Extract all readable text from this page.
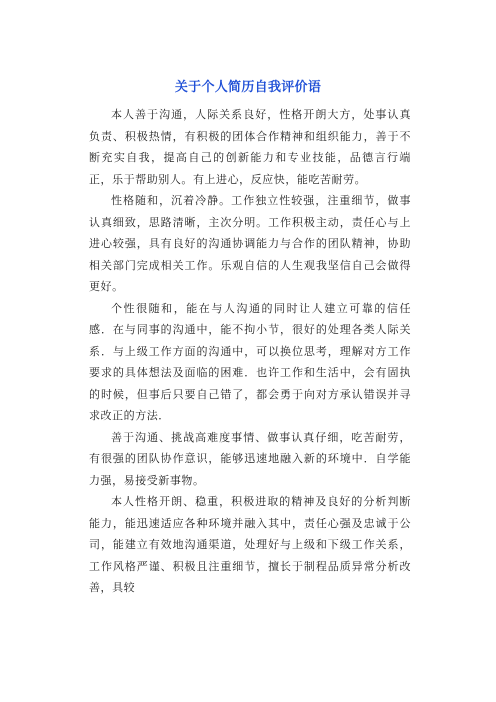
关于个人简历自我评价语

本人善于沟通，人际关系良好，性格开朗大方，处事认真负责、积极热情，有积极的团体合作精神和组织能力，善于不断充实自我，提高自己的创新能力和专业技能，品德言行端正，乐于帮助别人。有上进心，反应快，能吃苦耐劳。

性格随和，沉着冷静。工作独立性较强，注重细节，做事认真细致，思路清晰，主次分明。工作积极主动，责任心与上进心较强，具有良好的沟通协调能力与合作的团队精神，协助相关部门完成相关工作。乐观自信的人生观我坚信自己会做得更好。

个性很随和，能在与人沟通的同时让人建立可靠的信任感．在与同事的沟通中，能不拘小节，很好的处理各类人际关系．与上级工作方面的沟通中，可以换位思考，理解对方工作要求的具体想法及面临的困难．也许工作和生活中，会有固执的时候，但事后只要自己错了，都会勇于向对方承认错误并寻求改正的方法．

善于沟通、挑战高难度事情、做事认真仔细，吃苦耐劳，有很强的团队协作意识，能够迅速地融入新的环境中．自学能力强，易接受新事物。

本人性格开朗、稳重，积极进取的精神及良好的分析判断能力，能迅速适应各种环境并融入其中，责任心强及忠诚于公司，能建立有效地沟通渠道，处理好与上级和下级工作关系，工作风格严谨、积极且注重细节，擅长于制程品质异常分析改善，具较
